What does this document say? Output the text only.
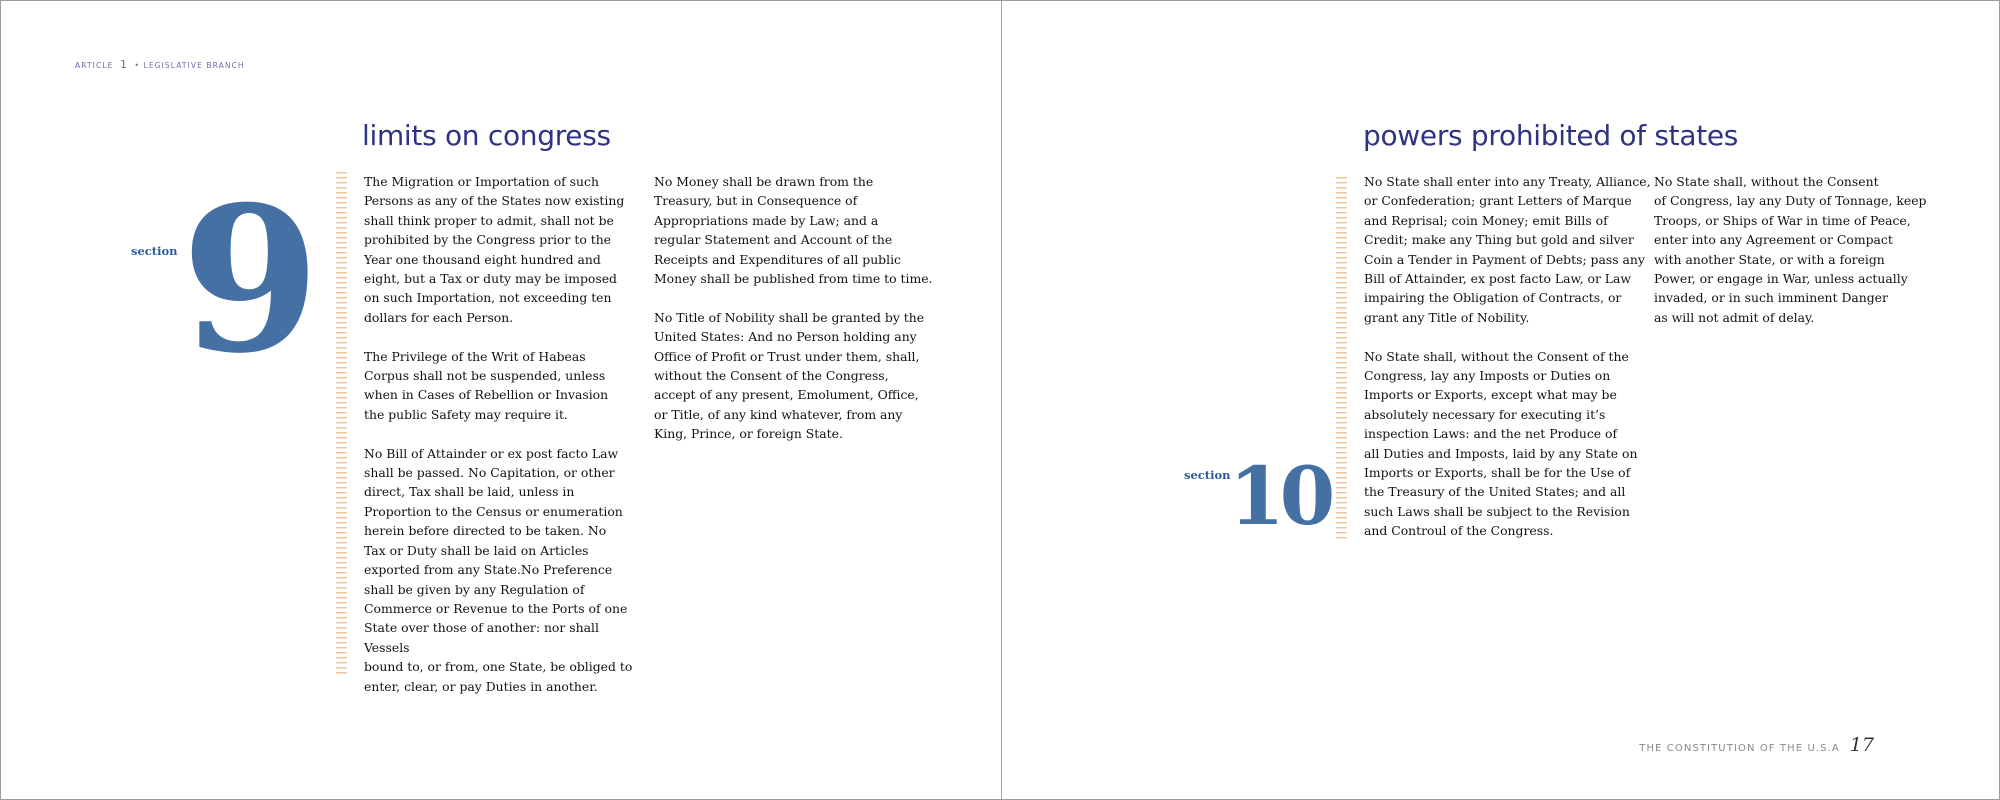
ARTICLE 1 • LEGISLATIVE BRANCH
limits on congress
section 9	The Migration or Importation of such
Persons as any of the States now existing
shall think proper to admit, shall not be
prohibited by the Congress prior to the
Year one thousand eight hundred and
eight, but a Tax or duty may be imposed
on such Importation, not exceeding ten
dollars for each Person.

The Privilege of the Writ of Habeas
Corpus shall not be suspended, unless
when in Cases of Rebellion or Invasion
the public Safety may require it.

No Bill of Attainder or ex post facto Law
shall be passed. No Capitation, or other
direct, Tax shall be laid, unless in
Proportion to the Census or enumeration
herein before directed to be taken. No
Tax or Duty shall be laid on Articles
exported from any State.No Preference
shall be given by any Regulation of
Commerce or Revenue to the Ports of one
State over those of another: nor shall Vessels
bound to, or from, one State, be obliged to
enter, clear, or pay Duties in another.

No Money shall be drawn from the
Treasury, but in Consequence of
Appropriations made by Law; and a
regular Statement and Account of the
Receipts and Expenditures of all public
Money shall be published from time to time.

No Title of Nobility shall be granted by the
United States: And no Person holding any
Office of Profit or Trust under them, shall,
without the Consent of the Congress,
accept of any present, Emolument, Office,
or Title, of any kind whatever, from any
King, Prince, or foreign State.

powers prohibited of states
section
10

No State shall enter into any Treaty, Alliance,
or Confederation; grant Letters of Marque
and Reprisal; coin Money; emit Bills of
Credit; make any Thing but gold and silver
Coin a Tender in Payment of Debts; pass any
Bill of Attainder, ex post facto Law, or Law
impairing the Obligation of Contracts, or
grant any Title of Nobility.

No State shall, without the Consent of the
Congress, lay any Imposts or Duties on
Imports or Exports, except what may be
absolutely necessary for executing it’s
inspection Laws: and the net Produce of
all Duties and Imposts, laid by any State on
Imports or Exports, shall be for the Use of
the Treasury of the United States; and all
such Laws shall be subject to the Revision
and Controul of the Congress.

No State shall, without the Consent
of Congress, lay any Duty of Tonnage, keep
Troops, or Ships of War in time of Peace,
enter into any Agreement or Compact
with another State, or with a foreign
Power, or engage in War, unless actually
invaded, or in such imminent Danger
as will not admit of delay.

THE CONSTITUTION OF THE U.S.A 17
